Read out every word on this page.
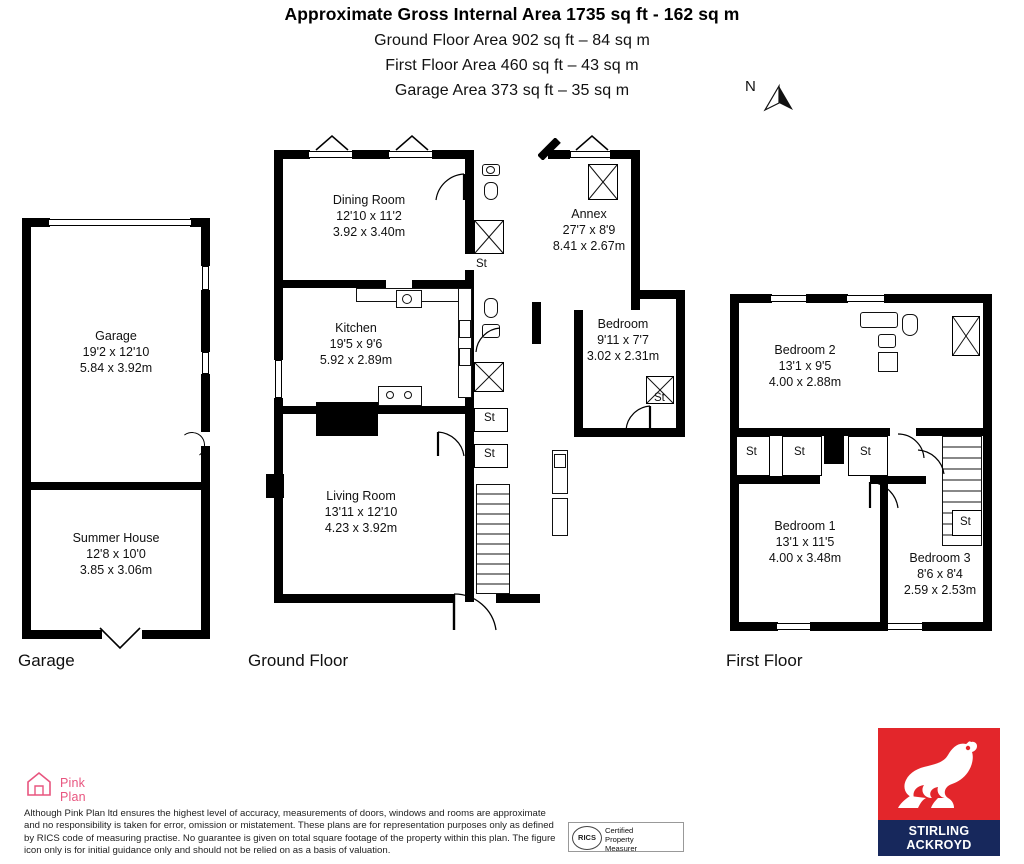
Approximate Gross Internal Area 1735 sq ft - 162 sq m
Ground Floor Area 902 sq ft – 84 sq m
First Floor Area 460 sq ft – 43 sq m
Garage Area 373 sq ft – 35 sq m	N
Garage
19'2 x 12'10
5.84 x 3.92m
Summer House
12'8 x 10'0
3.85 x 3.06m
Garage
St
St
St
Dining Room
12'10 x 11'2
3.92 x 3.40m
Kitchen
19'5 x 9'6
5.92 x 2.89m
Living Room
13'11 x 12'10
4.23 x 3.92m
Ground Floor
St
Annex
27'7 x 8'9
8.41 x 2.67m
Bedroom
9'11 x 7'7
3.02 x 2.31m
St	St	St
St
Bedroom 2
13'1 x 9'5
4.00 x 2.88m
Bedroom 1
13'1 x 11'5
4.00 x 3.48m	Bedroom 3
8'6 x 8'4
2.59 x 2.53m
First Floor
Pink Plan
Although Pink Plan ltd ensures the highest level of accuracy, measurements of doors, windows and rooms are approximate and no responsibility is taken for error, omission or mistatement. These plans are for representation purposes only as defined by RICS code of measuring practise. No guarantee is given on total square footage of the property within this plan. The figure icon only is for initial guidance only and should not be relied on as a basis of valuation.
RICS
Certified
Property
Measurer
STIRLING
ACKROYD
